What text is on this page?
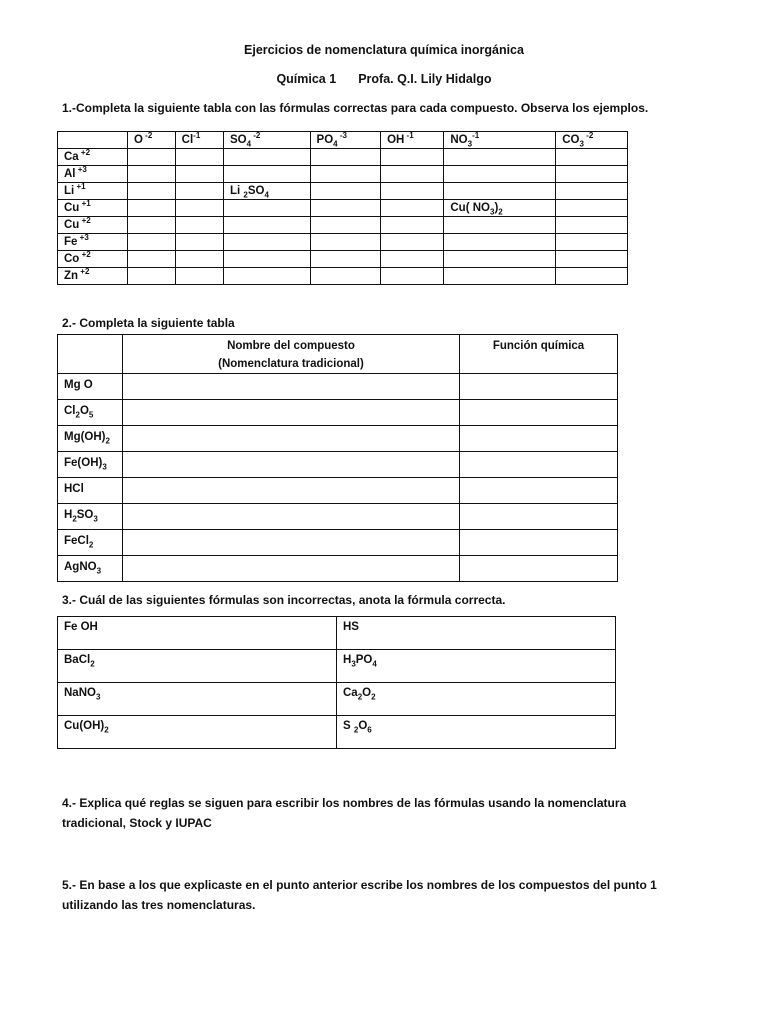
Ejercicios de nomenclatura química inorgánica
Química 1 Profa. Q.I. Lily Hidalgo
1.-Completa la siguiente tabla con las fórmulas correctas para cada compuesto. Observa los ejemplos.
	O $^{-2}$	$Cl^{-1}$	$SO_4$ $^{-2}$	$PO_4$ $^{-3}$	OH $^{-1}$	$NO_3^{-1}$	$CO_3$ $^{-2}$
Ca $^{+2}$							
Al $^{+3}$							
Li $^{+1}$			Li $_2SO_4$				
Cu $^{+1}$						Cu( $NO_3)_2$	
Cu $^{+2}$							
Fe $^{+3}$							
Co $^{+2}$							
Zn $^{+2}$							
2.- Completa la siguiente tabla

	Nombre del compuesto
(Nomenclatura tradicional)	Función química

Mg O		
$Cl_2O_5$		
$Mg(OH)_2$		
$Fe(OH)_3$		
HCl		
$H_2SO_3$		
FeCl$_2$		
AgNO$_3$		
3.- Cuál de las siguientes fórmulas son incorrectas, anota la fórmula correcta.
Fe OH	HS
BaCl$_2$	$H_3PO_4$
NaNO$_3$	$Ca_2O_2$
$Cu(OH)_2$	S $_2O_6$
4.- Explica qué reglas se siguen para escribir los nombres de las fórmulas usando la nomenclatura
tradicional, Stock y IUPAC
5.- En base a los que explicaste en el punto anterior escribe los nombres de los compuestos del punto 1
utilizando las tres nomenclaturas.
